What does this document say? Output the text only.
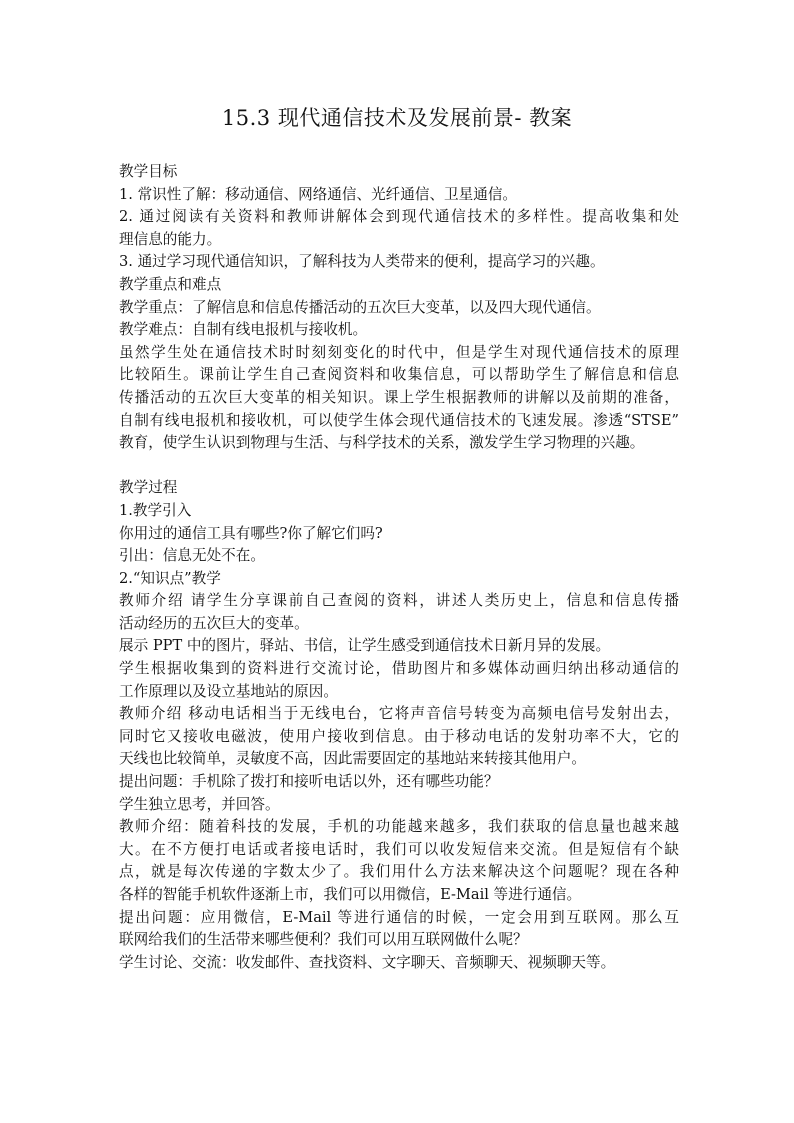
15.3 现代通信技术及发展前景- 教案
教学目标
1. 常识性了解：移动通信、网络通信、光纤通信、卫星通信。
2. 通过阅读有关资料和教师讲解体会到现代通信技术的多样性。提高收集和处
理信息的能力。
3. 通过学习现代通信知识，了解科技为人类带来的便利，提高学习的兴趣。
教学重点和难点
教学重点：了解信息和信息传播活动的五次巨大变革，以及四大现代通信。
教学难点：自制有线电报机与接收机。
虽然学生处在通信技术时时刻刻变化的时代中，但是学生对现代通信技术的原理
比较陌生。课前让学生自己查阅资料和收集信息，可以帮助学生了解信息和信息
传播活动的五次巨大变革的相关知识。课上学生根据教师的讲解以及前期的准备，
自制有线电报机和接收机，可以使学生体会现代通信技术的飞速发展。渗透“STSE”
教育，使学生认识到物理与生活、与科学技术的关系，激发学生学习物理的兴趣。
教学过程
1.教学引入
你用过的通信工具有哪些?你了解它们吗?
引出：信息无处不在。
2.“知识点”教学
教师介绍 请学生分享课前自己查阅的资料，讲述人类历史上，信息和信息传播
活动经历的五次巨大的变革。
展示 PPT 中的图片，驿站、书信，让学生感受到通信技术日新月异的发展。
学生根据收集到的资料进行交流讨论，借助图片和多媒体动画归纳出移动通信的
工作原理以及设立基地站的原因。
教师介绍 移动电话相当于无线电台，它将声音信号转变为高频电信号发射出去，
同时它又接收电磁波，使用户接收到信息。由于移动电话的发射功率不大，它的
天线也比较简单，灵敏度不高，因此需要固定的基地站来转接其他用户。
提出问题：手机除了拨打和接听电话以外，还有哪些功能？
学生独立思考，并回答。
教师介绍：随着科技的发展，手机的功能越来越多，我们获取的信息量也越来越
大。在不方便打电话或者接电话时，我们可以收发短信来交流。但是短信有个缺
点，就是每次传递的字数太少了。我们用什么方法来解决这个问题呢？现在各种
各样的智能手机软件逐渐上市，我们可以用微信，E-Mail 等进行通信。
提出问题：应用微信，E-Mail 等进行通信的时候，一定会用到互联网。那么互
联网给我们的生活带来哪些便利？我们可以用互联网做什么呢？
学生讨论、交流：收发邮件、查找资料、文字聊天、音频聊天、视频聊天等。
